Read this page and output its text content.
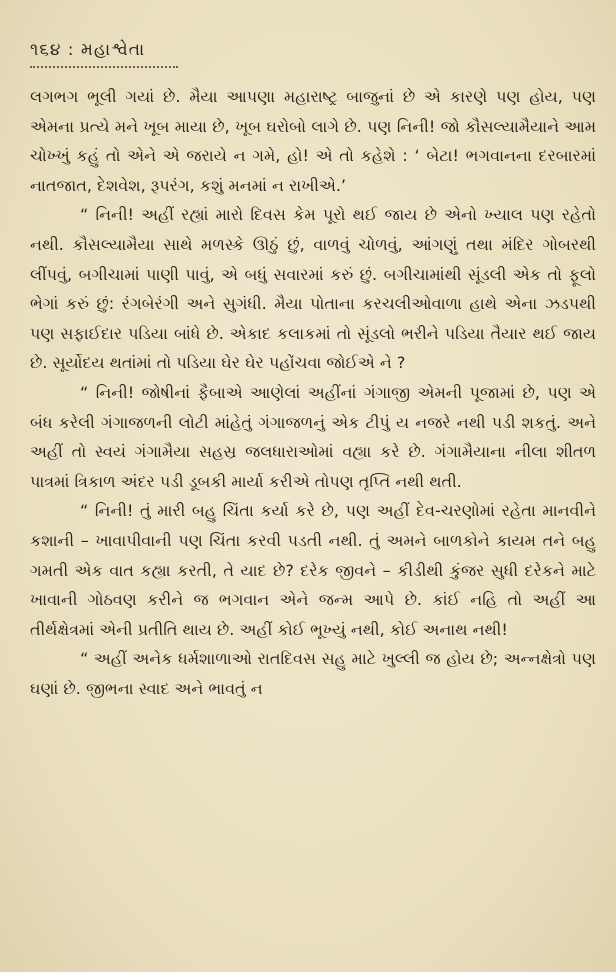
૧૬૪ : મહાશ્વેતા

લગભગ ભૂલી ગયાં છે. મૈયા આપણા મહારાષ્ટ્ર બાજુનાં છે એ કારણે પણ હોય, પણ એમના પ્રત્યે મને ખૂબ માયા છે, ખૂબ ઘરોબો લાગે છે. પણ નિની! જો કૌસલ્યામૈયાને આમ ચોખ્ખું કહું તો એને એ જરાયે ન ગમે, હો! એ તો કહેશે : ‘ બેટા! ભગવાનના દરબારમાં નાતજાત, દેશવેશ, રૂપરંગ, કશું મનમાં ન રાખીએ.’

“ નિની! અહીં રહ્યાં મારો દિવસ કેમ પૂરો થઈ જાય છે એનો ખ્યાલ પણ રહેતો નથી. કૌસલ્યામૈયા સાથે મળસ્કે ઊઠું છું, વાળવું ચોળવું, આંગણું તથા મંદિર ગોબરથી લીંપવું, બગીચામાં પાણી પાવું, એ બધું સવારમાં કરું છું. બગીચામાંથી સૂંડલી એક તો ફૂલો ભેગાં કરું છું: રંગબેરંગી અને સુગંધી. મૈયા પોતાના કરચલીઓવાળા હાથે એના ઝડપથી પણ સફાઈદાર પડિયા બાંધે છે. એકાદ કલાકમાં તો સૂંડલો ભરીને પડિયા તૈયાર થઈ જાય છે. સૂર્યોદય થતાંમાં તો પડિયા ઘેર ઘેર પહોંચવા જોઈએ ને ?

“ નિની! જોષીનાં ફૈબાએ આણેલાં અહીંનાં ગંગાજી એમની પૂજામાં છે, પણ એ બંધ કરેલી ગંગાજળની લોટી માંહેતું ગંગાજળનું એક ટીપું ય નજરે નથી પડી શકતું. અને અહીં તો સ્વયં ગંગામૈયા સહસ્ર જલધારાઓમાં વહ્યા કરે છે. ગંગામૈયાના નીલા શીતળ પાત્રમાં ત્રિકાળ અંદર પડી ડૂબકી માર્યા કરીએ તોપણ તૃપ્તિ નથી થતી.

“ નિની! તું મારી બહુ ચિંતા કર્યા કરે છે, પણ અહીં દેવ-ચરણોમાં રહેતા માનવીને કશાની – ખાવાપીવાની પણ ચિંતા કરવી પડતી નથી. તું અમને બાળકોને કાયમ તને બહુ ગમતી એક વાત કહ્યા કરતી, તે યાદ છે? દરેક જીવને – કીડીથી કુંજર સુધી દરેકને માટે ખાવાની ગોઠવણ કરીને જ ભગવાન એને જન્મ આપે છે. કાંઈ નહિ તો અહીં આ તીર્થક્ષેત્રમાં એની પ્રતીતિ થાય છે. અહીં કોઈ ભૂખ્યું નથી, કોઈ અનાથ નથી!

“ અહીં અનેક ધર્મશાળાઓ રાતદિવસ સહુ માટે ખુલ્લી જ હોય છે; અન્નક્ષેત્રો પણ ઘણાં છે. જીભના સ્વાદ અને ભાવતું ન
